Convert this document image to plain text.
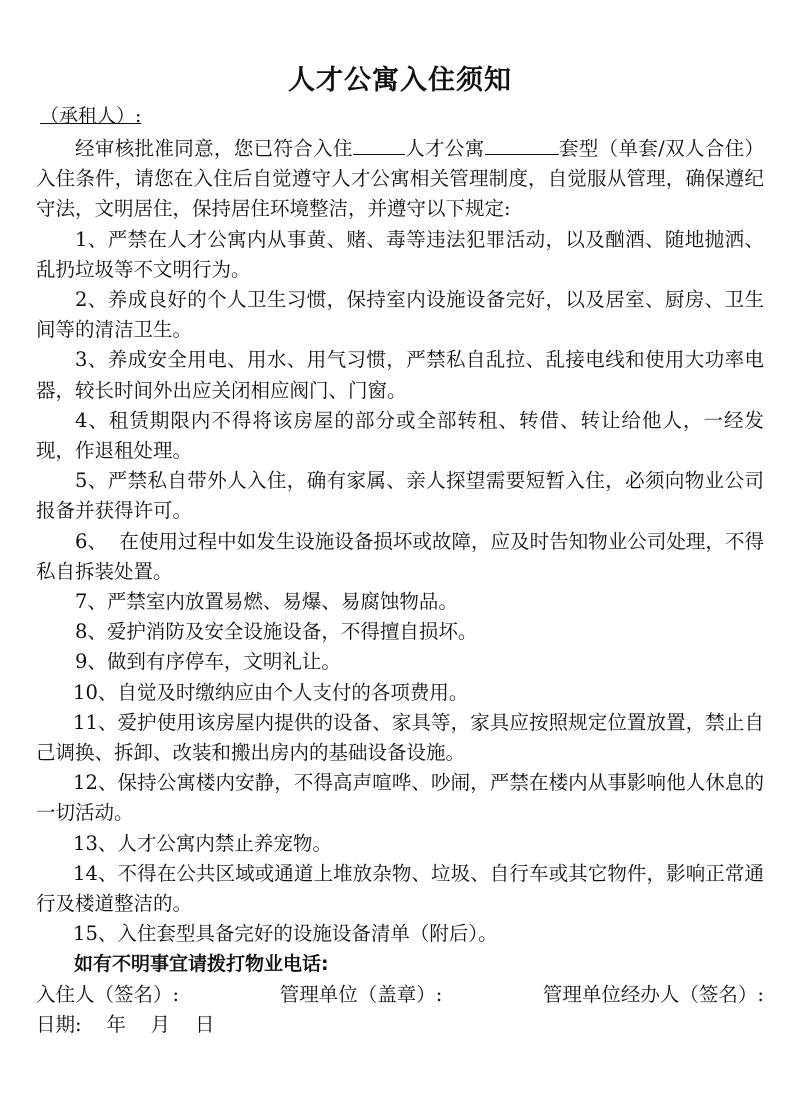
人才公寓入住须知
（承租人）:

经审核批准同意，您已符合入住	人才公寓	套型（单套/双人合住）入住条件，请您在入住后自觉遵守人才公寓相关管理制度，自觉服从管理，确保遵纪守法，文明居住，保持居住环境整洁，并遵守以下规定:

1、严禁在人才公寓内从事黄、赌、毒等违法犯罪活动，以及酗酒、随地抛洒、乱扔垃圾等不文明行为。

2、养成良好的个人卫生习惯，保持室内设施设备完好，以及居室、厨房、卫生间等的清洁卫生。

3、养成安全用电、用水、用气习惯，严禁私自乱拉、乱接电线和使用大功率电器，较长时间外出应关闭相应阀门、门窗。

4、租赁期限内不得将该房屋的部分或全部转租、转借、转让给他人，一经发现，作退租处理。

5、严禁私自带外人入住，确有家属、亲人探望需要短暂入住，必须向物业公司报备并获得许可。

6、  在使用过程中如发生设施设备损坏或故障，应及时告知物业公司处理，不得私自拆装处置。

7、严禁室内放置易燃、易爆、易腐蚀物品。

8、爱护消防及安全设施设备，不得擅自损坏。

9、做到有序停车，文明礼让。

10、自觉及时缴纳应由个人支付的各项费用。

11、爱护使用该房屋内提供的设备、家具等，家具应按照规定位置放置，禁止自己调换、拆卸、改装和搬出房内的基础设备设施。

12、保持公寓楼内安静，不得高声喧哗、吵闹，严禁在楼内从事影响他人休息的一切活动。

13、人才公寓内禁止养宠物。

14、不得在公共区域或通道上堆放杂物、垃圾、自行车或其它物件，影响正常通行及楼道整洁的。

15、入住套型具备完好的设施设备清单（附后）。

如有不明事宜请拨打物业电话:

入住人（签名）:	管理单位（盖章）:	管理单位经办人（签名）:

日期:    年    月    日
